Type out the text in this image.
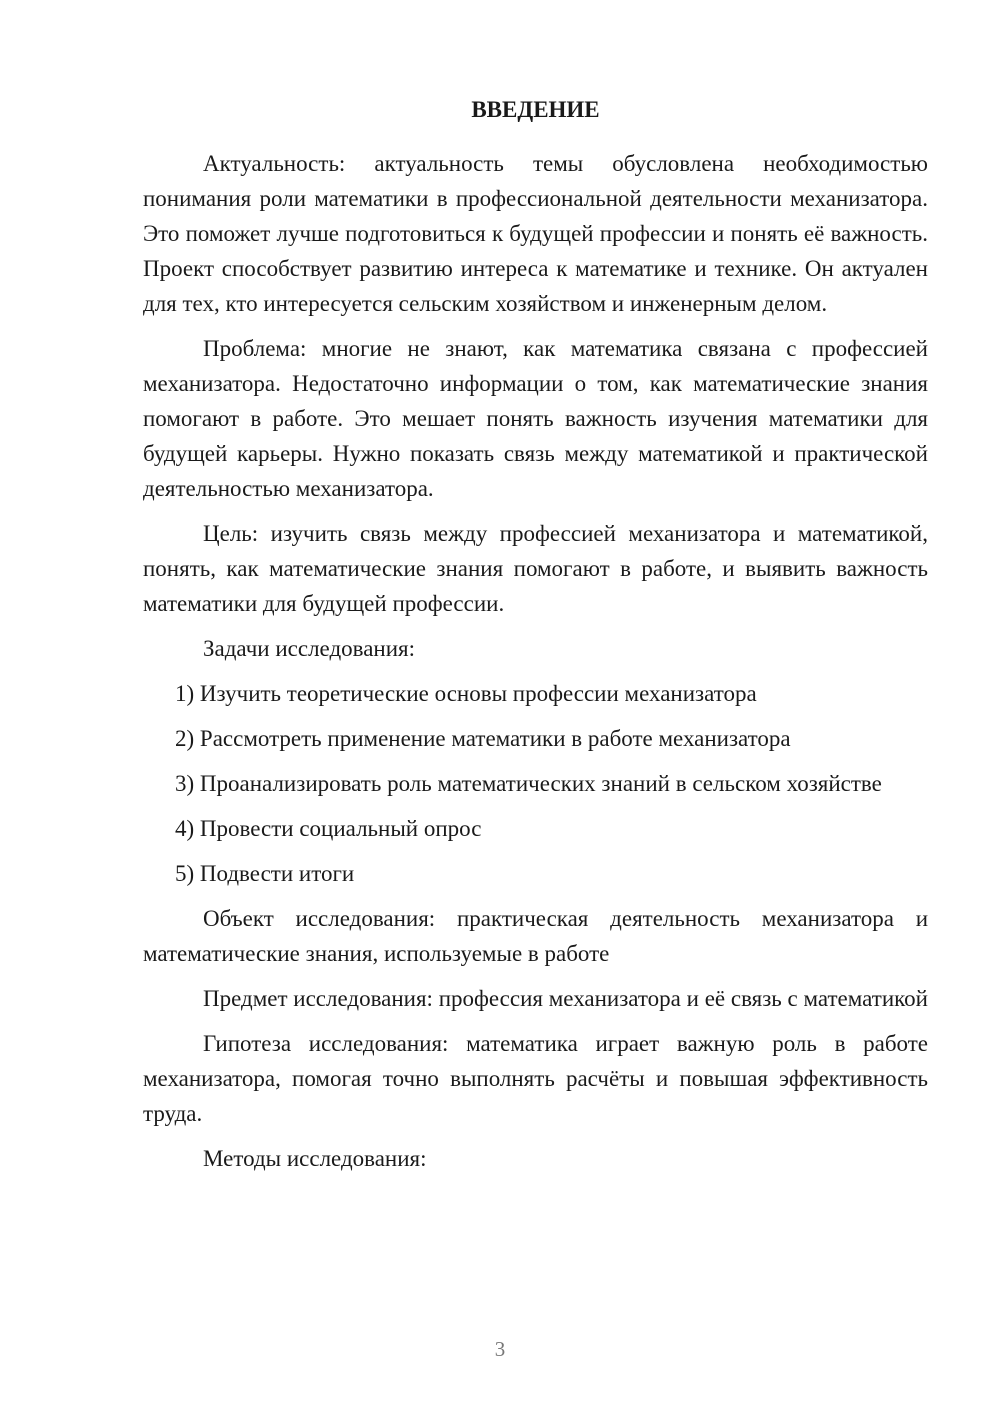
ВВЕДЕНИЕ

Актуальность: актуальность темы обусловлена необходимостью понимания роли математики в профессиональной деятельности механизатора. Это поможет лучше подготовиться к будущей профессии и понять её важность. Проект способствует развитию интереса к математике и технике. Он актуален для тех, кто интересуется сельским хозяйством и инженерным делом.

Проблема: многие не знают, как математика связана с профессией механизатора. Недостаточно информации о том, как математические знания помогают в работе. Это мешает понять важность изучения математики для будущей карьеры. Нужно показать связь между математикой и практической деятельностью механизатора.

Цель: изучить связь между профессией механизатора и математикой, понять, как математические знания помогают в работе, и выявить важность математики для будущей профессии.

Задачи исследования:

1) Изучить теоретические основы профессии механизатора

2) Рассмотреть применение математики в работе механизатора

3) Проанализировать роль математических знаний в сельском хозяйстве

4) Провести социальный опрос

5) Подвести итоги

Объект исследования: практическая деятельность механизатора и математические знания, используемые в работе

Предмет исследования: профессия механизатора и её связь с математикой

Гипотеза исследования: математика играет важную роль в работе механизатора, помогая точно выполнять расчёты и повышая эффективность труда.

Методы исследования:

3
